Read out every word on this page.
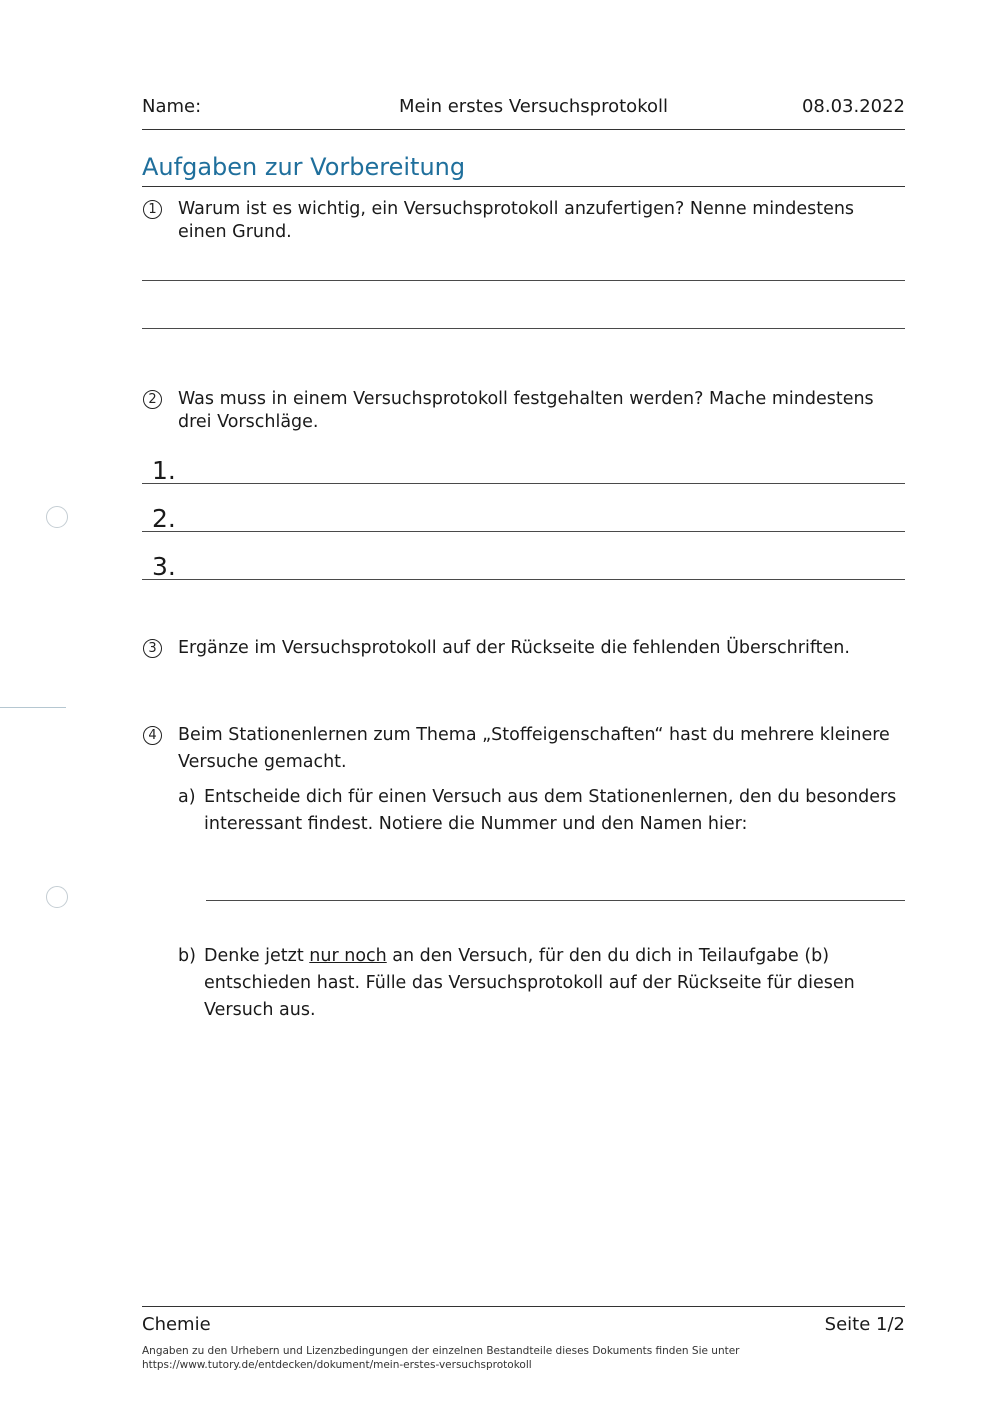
Name:	Mein erstes Versuchsprotokoll	08.03.2022
Aufgaben zur Vorbereitung
1	Warum ist es wichtig, ein Versuchsprotokoll anzufertigen? Nenne mindestens einen Grund.
2	Was muss in einem Versuchsprotokoll festgehalten werden? Mache mindestens drei Vorschläge.
1.
2.
3.
3	Ergänze im Versuchsprotokoll auf der Rückseite die fehlenden Überschriften.
4	Beim Stationenlernen zum Thema „Stoffeigenschaften“ hast du mehrere kleinere Versuche gemacht.
a) Entscheide dich für einen Versuch aus dem Stationenlernen, den du besonders interessant findest. Notiere die Nummer und den Namen hier:
b) Denke jetzt nur noch an den Versuch, für den du dich in Teilaufgabe (b) entschieden hast. Fülle das Versuchsprotokoll auf der Rückseite für diesen Versuch aus.
Chemie	Seite 1/2
Angaben zu den Urhebern und Lizenzbedingungen der einzelnen Bestandteile dieses Dokuments finden Sie unter
https://www.tutory.de/entdecken/dokument/mein-erstes-versuchsprotokoll
